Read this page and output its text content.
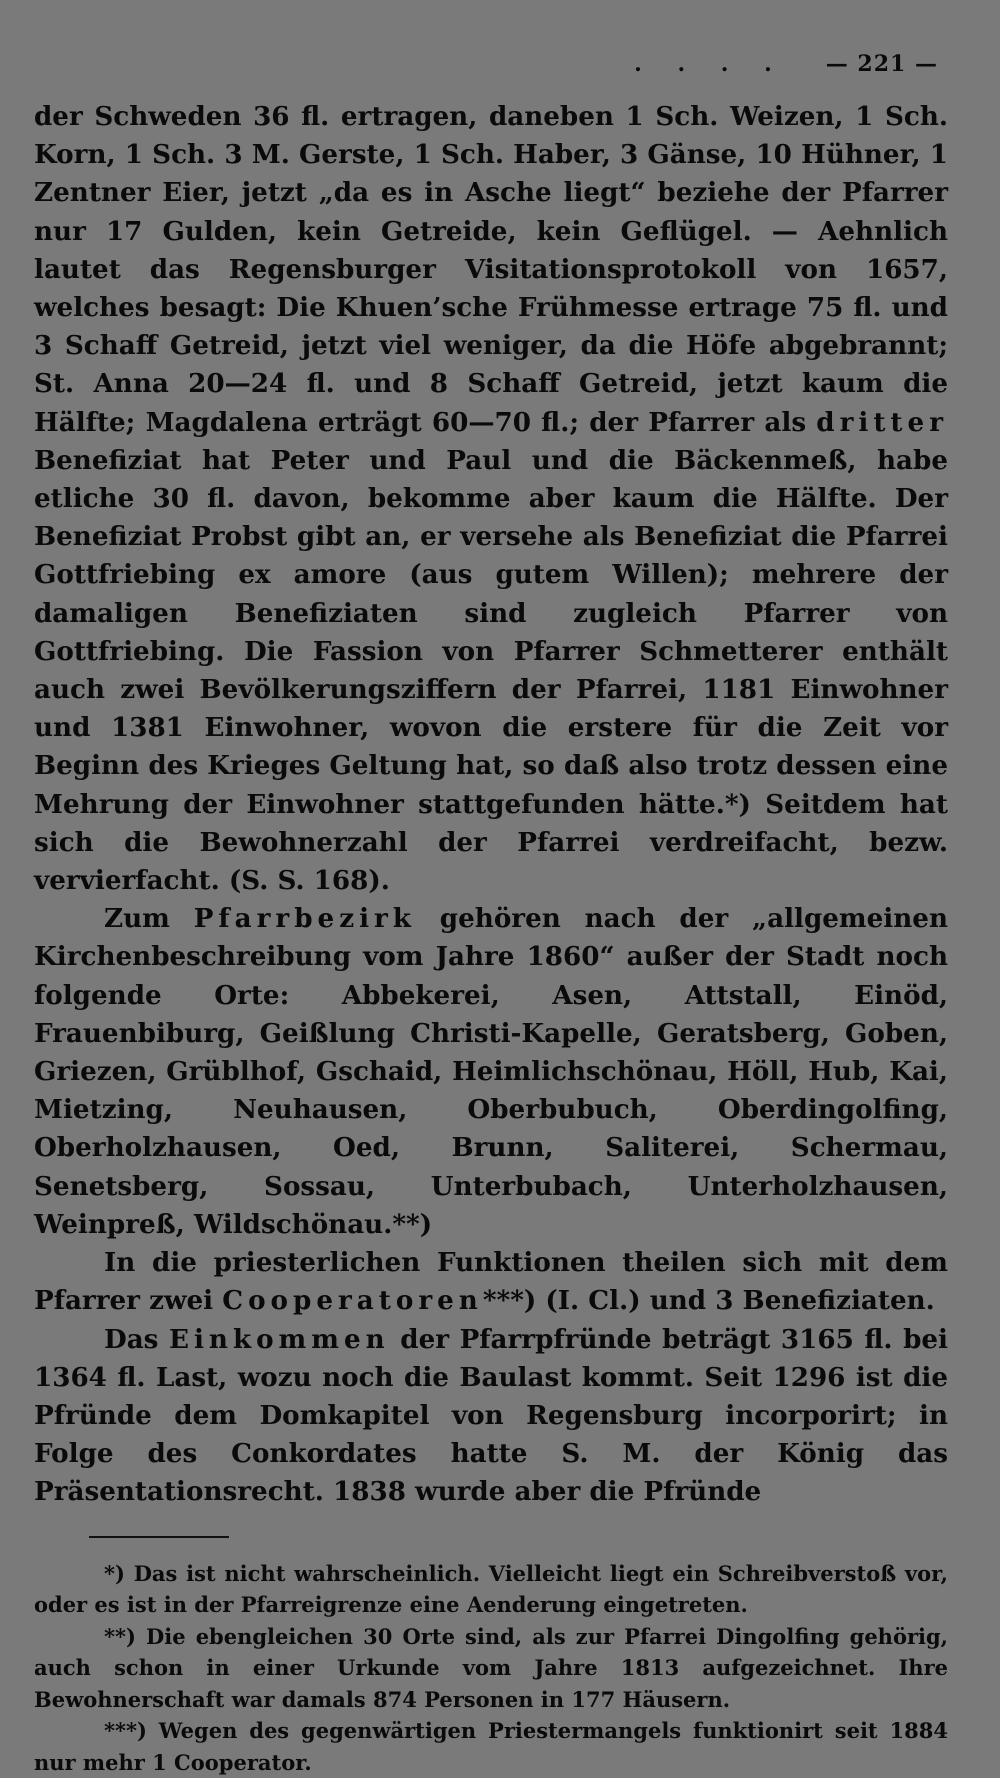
. . . . — 221 —

der Schweden 36 fl. ertragen, daneben 1 Sch. Weizen, 1 Sch. Korn, 1 Sch. 3 M. Gerste, 1 Sch. Haber, 3 Gänse, 10 Hühner, 1 Zentner Eier, jetzt „da es in Asche liegt“ beziehe der Pfarrer nur 17 Gulden, kein Getreide, kein Geflügel. — Aehnlich lautet das Regensburger Visitationsprotokoll von 1657, welches besagt: Die Khuen’sche Frühmesse ertrage 75 fl. und 3 Schaff Getreid, jetzt viel weniger, da die Höfe abgebrannt; St. Anna 20—24 fl. und 8 Schaff Getreid, jetzt kaum die Hälfte; Magdalena erträgt 60—70 fl.; der Pfarrer als dritter Benefiziat hat Peter und Paul und die Bäckenmeß, habe etliche 30 fl. davon, bekomme aber kaum die Hälfte. Der Benefiziat Probst gibt an, er versehe als Benefiziat die Pfarrei Gottfriebing ex amore (aus gutem Willen); mehrere der damaligen Benefiziaten sind zugleich Pfarrer von Gottfriebing. Die Fassion von Pfarrer Schmetterer enthält auch zwei Bevölkerungsziffern der Pfarrei, 1181 Einwohner und 1381 Einwohner, wovon die erstere für die Zeit vor Beginn des Krieges Geltung hat, so daß also trotz dessen eine Mehrung der Einwohner stattgefunden hätte.*) Seitdem hat sich die Bewohnerzahl der Pfarrei verdreifacht, bezw. vervierfacht. (S. S. 168).

Zum Pfarrbezirk gehören nach der „allgemeinen Kirchenbeschreibung vom Jahre 1860“ außer der Stadt noch folgende Orte: Abbekerei, Asen, Attstall, Einöd, Frauenbiburg, Geißlung Christi-Kapelle, Geratsberg, Goben, Griezen, Grüblhof, Gschaid, Heimlichschönau, Höll, Hub, Kai, Mietzing, Neuhausen, Oberbubuch, Oberdingolfing, Oberholzhausen, Oed, Brunn, Saliterei, Schermau, Senetsberg, Sossau, Unterbubach, Unterholzhausen, Weinpreß, Wildschönau.**)

In die priesterlichen Funktionen theilen sich mit dem Pfarrer zwei Cooperatoren***) (I. Cl.) und 3 Benefiziaten.

Das Einkommen der Pfarrpfründe beträgt 3165 fl. bei 1364 fl. Last, wozu noch die Baulast kommt. Seit 1296 ist die Pfründe dem Domkapitel von Regensburg incorporirt; in Folge des Conkordates hatte S. M. der König das Präsentationsrecht. 1838 wurde aber die Pfründe

*) Das ist nicht wahrscheinlich. Vielleicht liegt ein Schreibverstoß vor, oder es ist in der Pfarreigrenze eine Aenderung eingetreten.

**) Die ebengleichen 30 Orte sind, als zur Pfarrei Dingolfing gehörig, auch schon in einer Urkunde vom Jahre 1813 aufgezeichnet. Ihre Bewohnerschaft war damals 874 Personen in 177 Häusern.

***) Wegen des gegenwärtigen Priestermangels funktionirt seit 1884 nur mehr 1 Cooperator.
